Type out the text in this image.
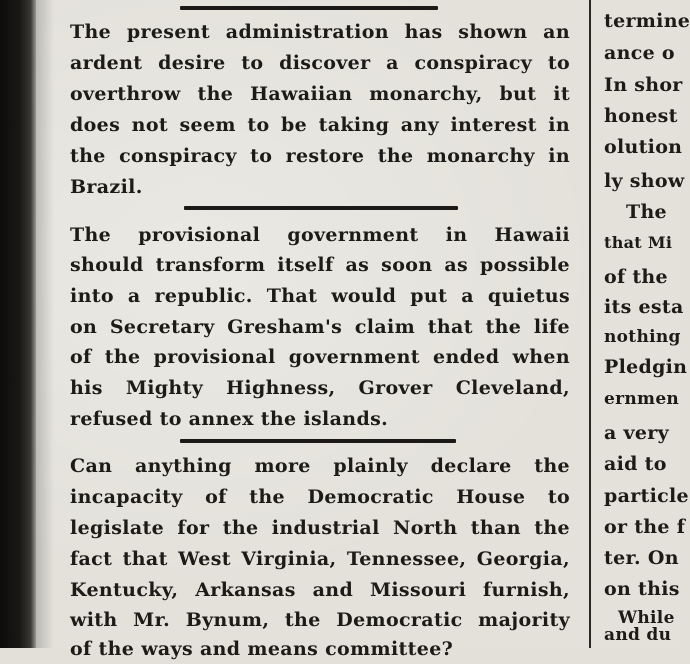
The present administration has shown an
ardent desire to discover a conspiracy to
overthrow the Hawaiian monarchy, but it
does not seem to be taking any interest in
the conspiracy to restore the monarchy in
Brazil.
The provisional government in Hawaii
should transform itself as soon as possible
into a republic. That would put a quietus
on Secretary Gresham's claim that the life
of the provisional government ended when
his Mighty Highness, Grover Cleveland,
refused to annex the islands.
Can anything more plainly declare the
incapacity of the Democratic House to
legislate for the industrial North than the
fact that West Virginia, Tennessee, Georgia,
Kentucky, Arkansas and Missouri furnish,
with Mr. Bynum, the Democratic majority
of the ways and means committee?
termine
ance o
In shor
honest
olution
ly show
The
that Mi
of the
its esta
nothing
Pledgin
ernmen
a very
aid to
particle
or the f
ter. On
on this
While
and du
